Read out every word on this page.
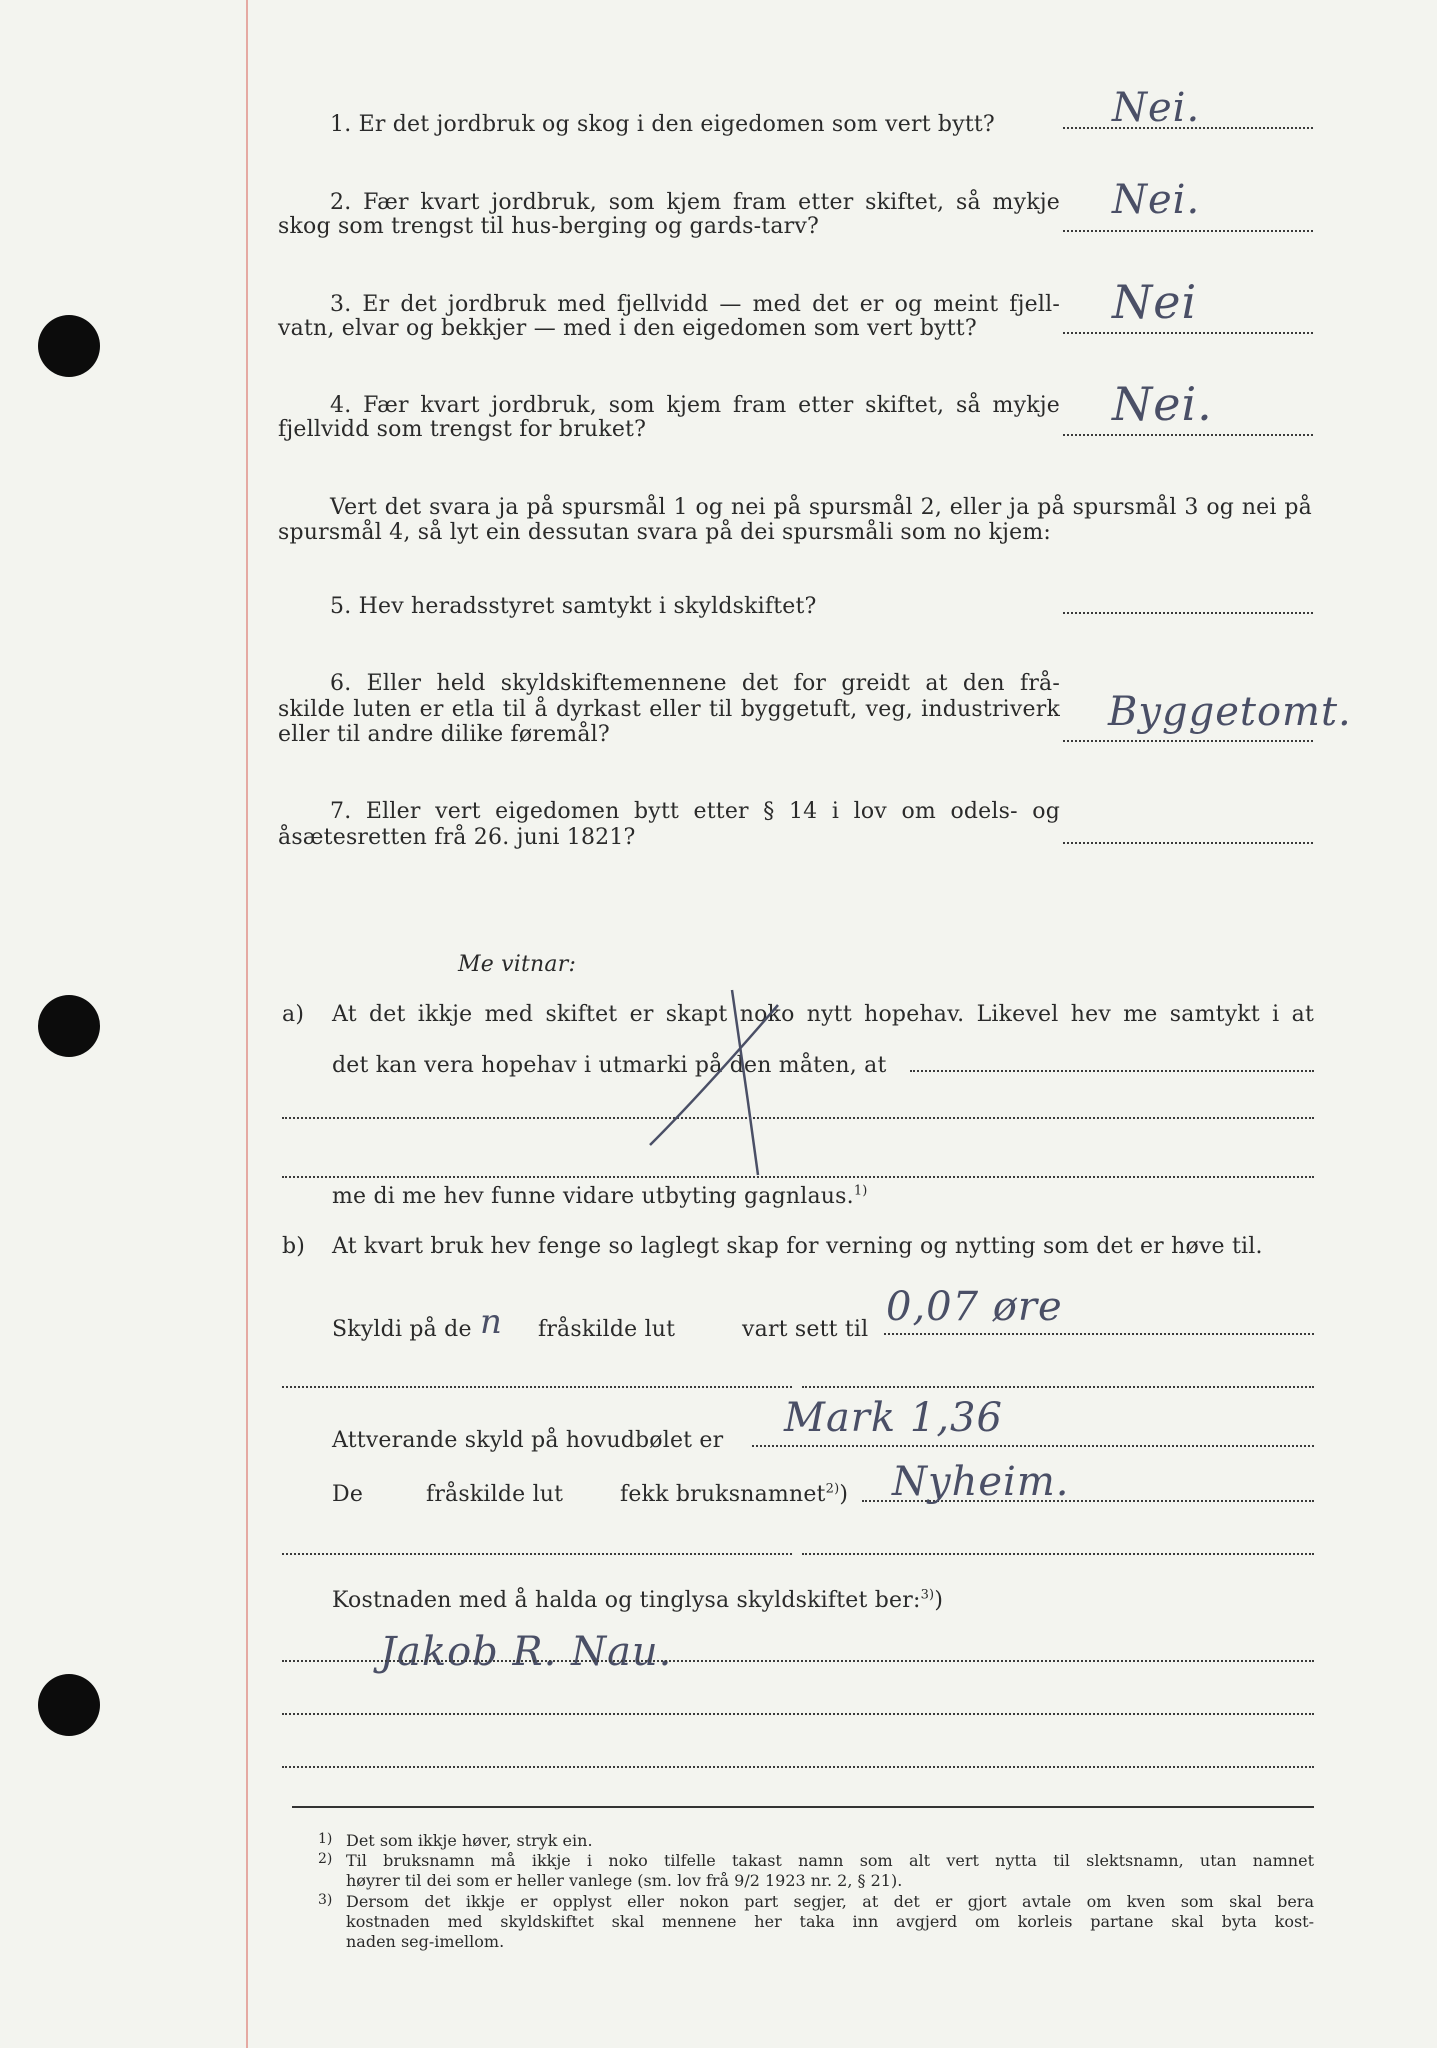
1. Er det jordbruk og skog i den eigedomen som vert bytt?	Nei.
2. Fær kvart jordbruk, som kjem fram etter skiftet, så mykje
skog som trengst til hus‑berging og gards‑tarv?
Nei.
3. Er det jordbruk med fjellvidd — med det er og meint fjell‑
vatn, elvar og bekkjer — med i den eigedomen som vert bytt?	Nei
4. Fær kvart jordbruk, som kjem fram etter skiftet, så mykje
fjellvidd som trengst for bruket?	Nei.
Vert det svara ja på spursmål 1 og nei på spursmål 2, eller ja på spursmål 3 og nei på
spursmål 4, så lyt ein dessutan svara på dei spursmåli som no kjem:
5. Hev heradsstyret samtykt i skyldskiftet?
6. Eller held skyldskiftemennene det for greidt at den frå‑
skilde luten er etla til å dyrkast eller til byggetuft, veg, industriverk
eller til andre dilike føremål?	Byggetomt.
7. Eller vert eigedomen bytt etter § 14 i lov om odels‑ og
åsætesretten frå 26. juni 1821?
Me vitnar:
a) At det ikkje med skiftet er skapt noko nytt hopehav. Likevel hev me samtykt i at
det kan vera hopehav i utmarki på den måten, at
me di me hev funne vidare utbyting gagnlaus.$^{1)}$
b) At kvart bruk hev fenge so laglegt skap for verning og nytting som det er høve til.
Skyldi på de n fråskilde lut	vart sett til 0,07 øre
Attverande skyld på hovudbølet er Mark 1,36
De	fråskilde lut	fekk bruksnamnet$^{2)}$) Nyheim.
Kostnaden med å halda og tinglysa skyldskiftet ber:$^{3)}$)
Jakob R. Nau.
1) Det som ikkje høver, stryk ein.
2) Til bruksnamn må ikkje i noko tilfelle takast namn som alt vert nytta til slektsnamn, utan namnet
høyrer til dei som er heller vanlege (sm. lov frå 9/2 1923 nr. 2, § 21).
3) Dersom det ikkje er opplyst eller nokon part segjer, at det er gjort avtale om kven som skal bera
kostnaden med skyldskiftet skal mennene her taka inn avgjerd om korleis partane skal byta kost‑
naden seg‑imellom.
